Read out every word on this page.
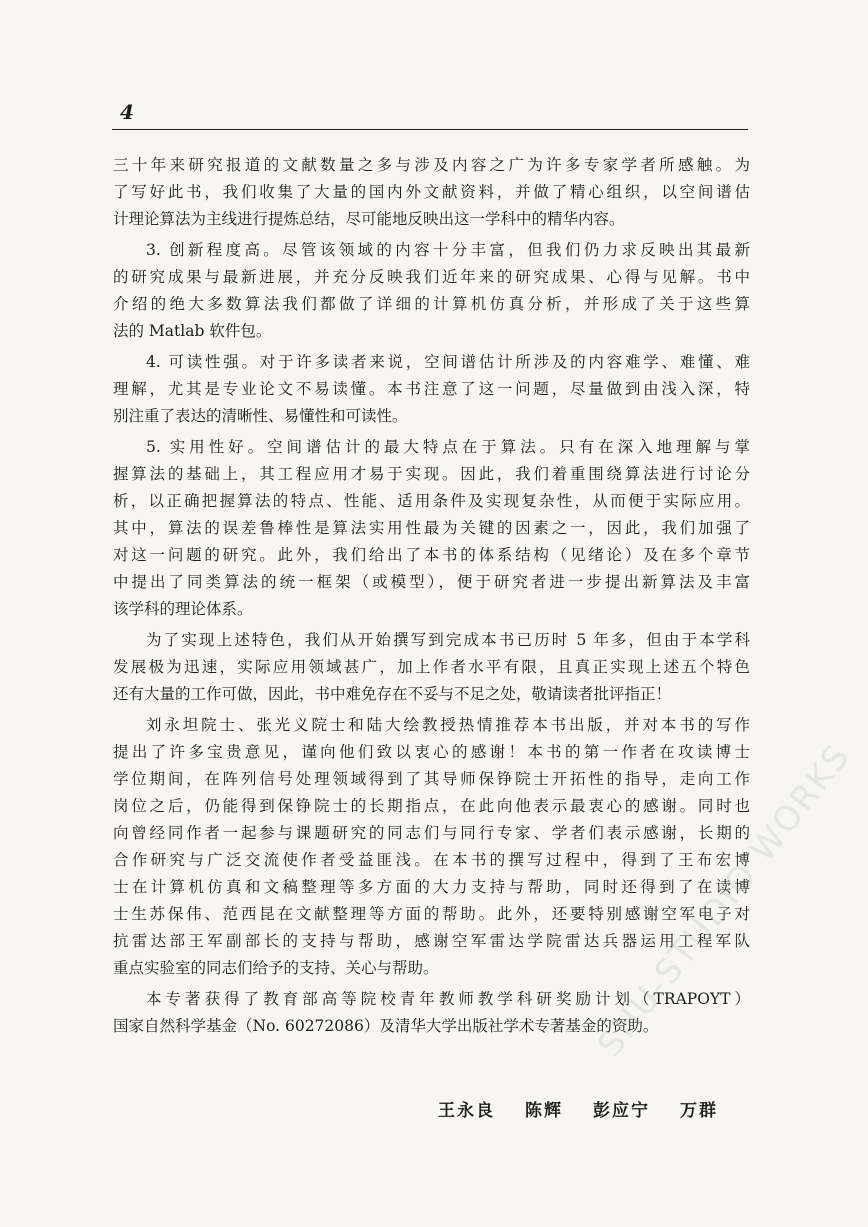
4
三十年来研究报道的文献数量之多与涉及内容之广为许多专家学者所感触。为
了写好此书，我们收集了大量的国内外文献资料，并做了精心组织，以空间谱估
计理论算法为主线进行提炼总结，尽可能地反映出这一学科中的精华内容。
3. 创新程度高。尽管该领域的内容十分丰富，但我们仍力求反映出其最新
的研究成果与最新进展，并充分反映我们近年来的研究成果、心得与见解。书中
介绍的绝大多数算法我们都做了详细的计算机仿真分析，并形成了关于这些算
法的 Matlab 软件包。
4. 可读性强。对于许多读者来说，空间谱估计所涉及的内容难学、难懂、难
理解，尤其是专业论文不易读懂。本书注意了这一问题，尽量做到由浅入深，特
别注重了表达的清晰性、易懂性和可读性。
5. 实用性好。空间谱估计的最大特点在于算法。只有在深入地理解与掌
握算法的基础上，其工程应用才易于实现。因此，我们着重围绕算法进行讨论分
析，以正确把握算法的特点、性能、适用条件及实现复杂性，从而便于实际应用。
其中，算法的误差鲁棒性是算法实用性最为关键的因素之一，因此，我们加强了
对这一问题的研究。此外，我们给出了本书的体系结构（见绪论）及在多个章节
中提出了同类算法的统一框架（或模型），便于研究者进一步提出新算法及丰富
该学科的理论体系。
为了实现上述特色，我们从开始撰写到完成本书已历时 5 年多，但由于本学科
发展极为迅速，实际应用领域甚广，加上作者水平有限，且真正实现上述五个特色
还有大量的工作可做，因此，书中难免存在不妥与不足之处，敬请读者批评指正！
刘永坦院士、张光义院士和陆大绘教授热情推荐本书出版，并对本书的写作
提出了许多宝贵意见，谨向他们致以衷心的感谢！本书的第一作者在攻读博士
学位期间，在阵列信号处理领域得到了其导师保铮院士开拓性的指导，走向工作
岗位之后，仍能得到保铮院士的长期指点，在此向他表示最衷心的感谢。同时也
向曾经同作者一起参与课题研究的同志们与同行专家、学者们表示感谢，长期的
合作研究与广泛交流使作者受益匪浅。在本书的撰写过程中，得到了王布宏博
士在计算机仿真和文稿整理等多方面的大力支持与帮助，同时还得到了在读博
士生苏保伟、范西昆在文献整理等方面的帮助。此外，还要特别感谢空军电子对
抗雷达部王军副部长的支持与帮助，感谢空军雷达学院雷达兵器运用工程军队
重点实验室的同志们给予的支持、关心与帮助。
本专著获得了教育部高等院校青年教师教学科研奖励计划（TRAPOYT）
国家自然科学基金（No. 60272086）及清华大学出版社学术专著基金的资助。
王永良 陈辉 彭应宁 万群
SHU-STUDIO WORKS
